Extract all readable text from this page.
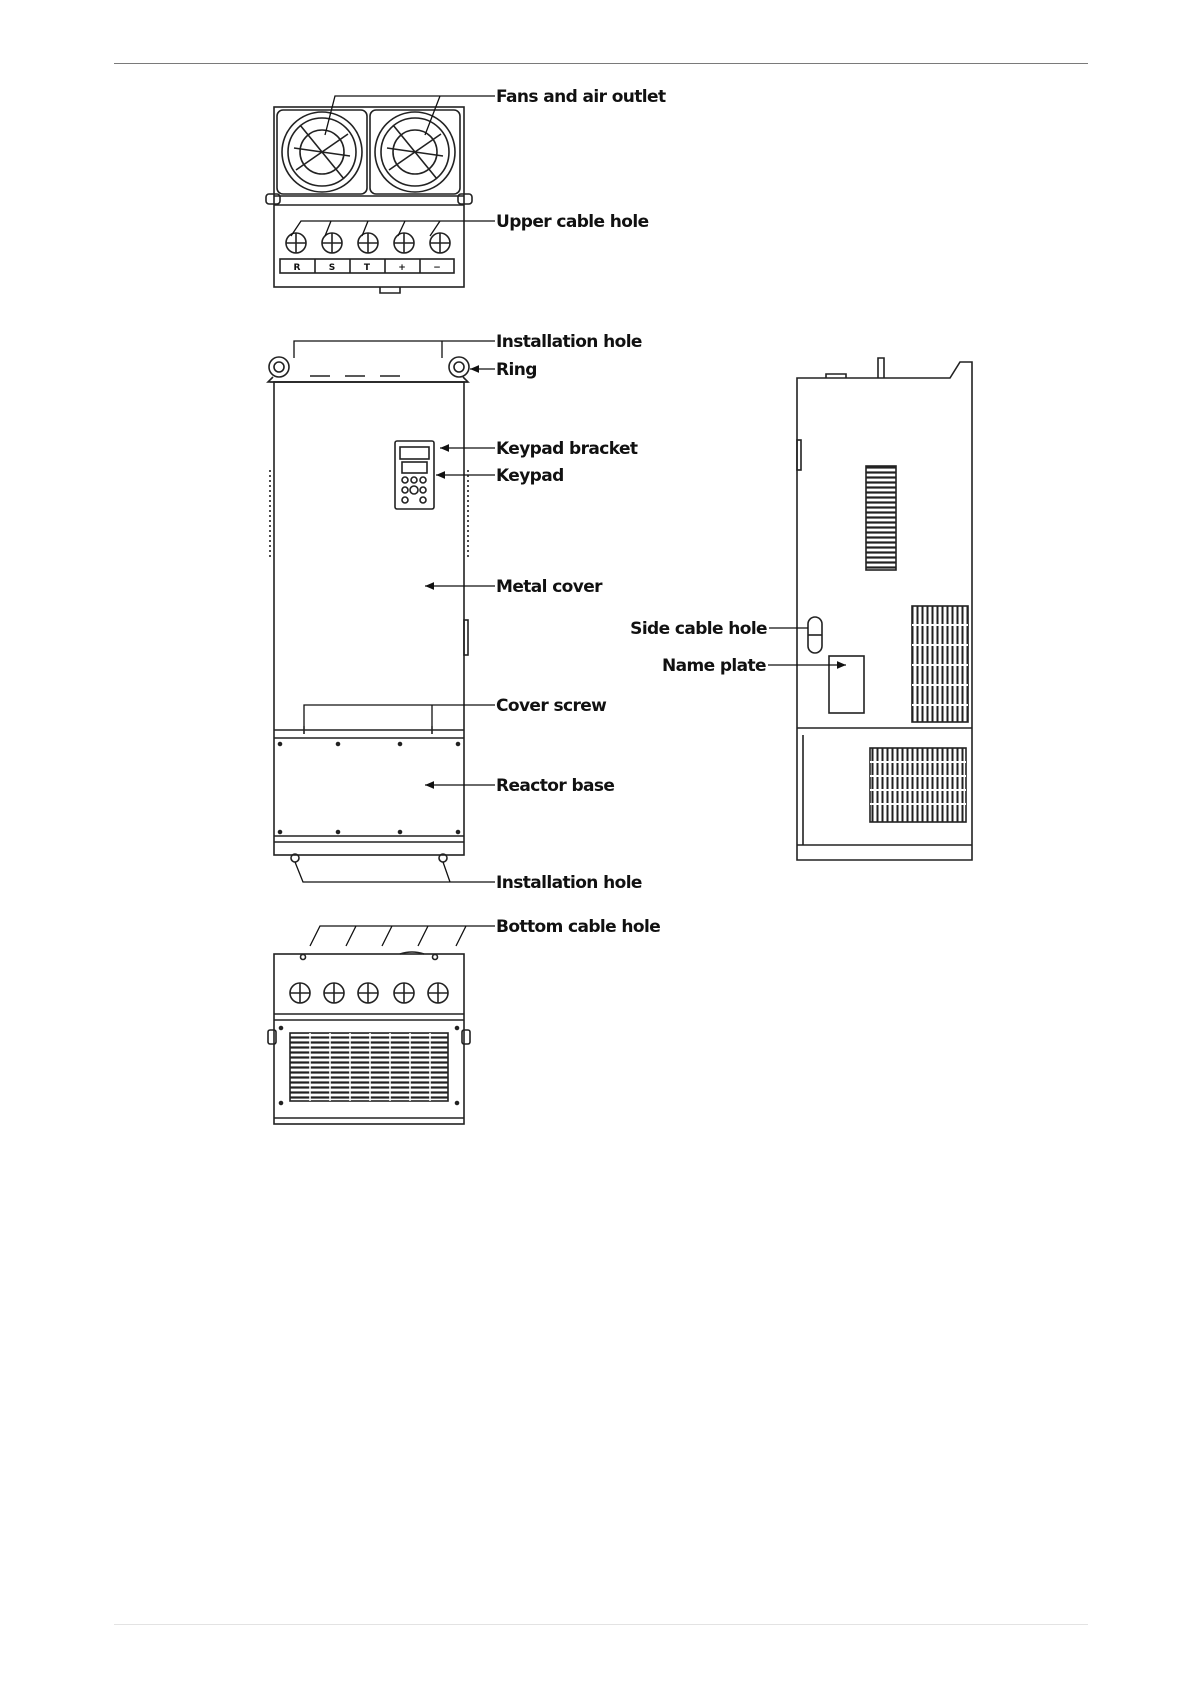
R	S	T	+	−
Fans and air outlet
Upper cable hole
Installation hole
Ring
Keypad bracket
Keypad
Metal cover
Cover screw
Reactor base
Installation hole
Bottom cable hole
Side cable hole
Name plate
